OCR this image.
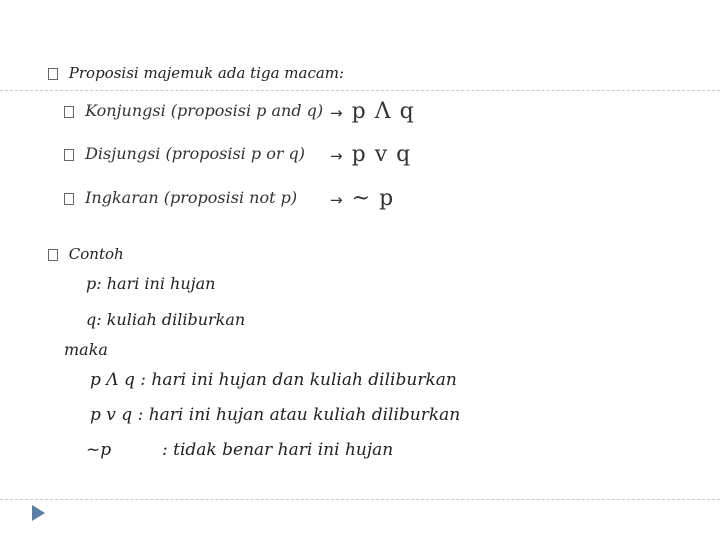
Proposisi majemuk ada tiga macam:
Konjungsi (proposisi p and q) → p Λ q
Disjungsi (proposisi p or q) → p v q
Ingkaran (proposisi not p) → ~ p
Contoh
p: hari ini hujan
q: kuliah diliburkan
maka
p Λ q : hari ini hujan dan kuliah diliburkan
p v q : hari ini hujan atau kuliah diliburkan
~p	: tidak benar hari ini hujan
